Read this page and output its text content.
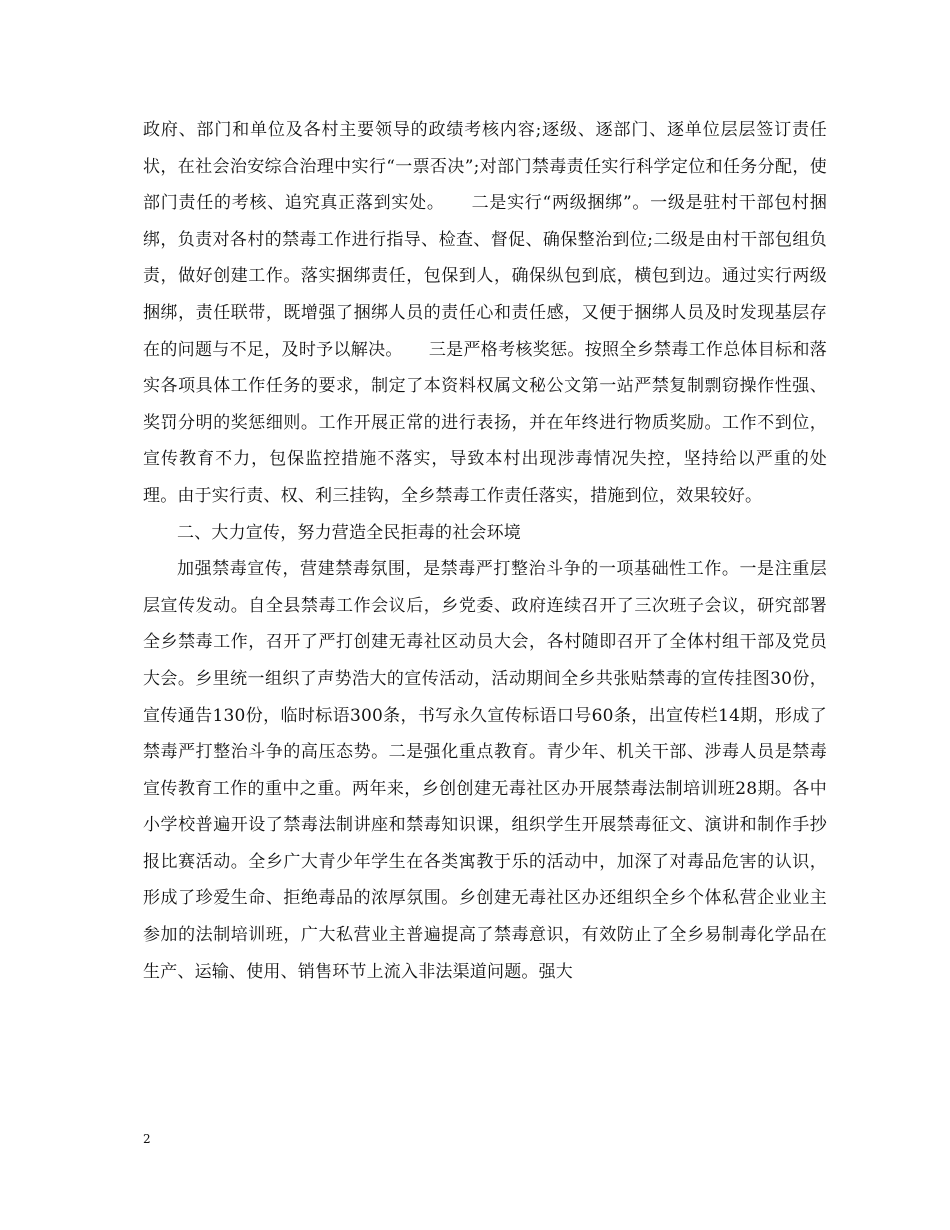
政府、部门和单位及各村主要领导的政绩考核内容;逐级、逐部门、逐单位层层签订责任状，在社会治安综合治理中实行“一票否决”;对部门禁毒责任实行科学定位和任务分配，使部门责任的考核、追究真正落到实处。　　二是实行“两级捆绑”。一级是驻村干部包村捆绑，负责对各村的禁毒工作进行指导、检查、督促、确保整治到位;二级是由村干部包组负责，做好创建工作。落实捆绑责任，包保到人，确保纵包到底，横包到边。通过实行两级捆绑，责任联带，既增强了捆绑人员的责任心和责任感，又便于捆绑人员及时发现基层存在的问题与不足，及时予以解决。　　三是严格考核奖惩。按照全乡禁毒工作总体目标和落实各项具体工作任务的要求，制定了本资料权属文秘公文第一站严禁复制剽窃操作性强、奖罚分明的奖惩细则。工作开展正常的进行表扬，并在年终进行物质奖励。工作不到位，宣传教育不力，包保监控措施不落实，导致本村出现涉毒情况失控，坚持给以严重的处理。由于实行责、权、利三挂钩，全乡禁毒工作责任落实，措施到位，效果较好。

二、大力宣传，努力营造全民拒毒的社会环境

加强禁毒宣传，营建禁毒氛围，是禁毒严打整治斗争的一项基础性工作。一是注重层层宣传发动。自全县禁毒工作会议后，乡党委、政府连续召开了三次班子会议，研究部署全乡禁毒工作，召开了严打创建无毒社区动员大会，各村随即召开了全体村组干部及党员大会。乡里统一组织了声势浩大的宣传活动，活动期间全乡共张贴禁毒的宣传挂图30份，宣传通告130份，临时标语300条，书写永久宣传标语口号60条，出宣传栏14期，形成了禁毒严打整治斗争的高压态势。二是强化重点教育。青少年、机关干部、涉毒人员是禁毒宣传教育工作的重中之重。两年来，乡创创建无毒社区办开展禁毒法制培训班28期。各中小学校普遍开设了禁毒法制讲座和禁毒知识课，组织学生开展禁毒征文、演讲和制作手抄报比赛活动。全乡广大青少年学生在各类寓教于乐的活动中，加深了对毒品危害的认识，形成了珍爱生命、拒绝毒品的浓厚氛围。乡创建无毒社区办还组织全乡个体私营企业业主参加的法制培训班，广大私营业主普遍提高了禁毒意识，有效防止了全乡易制毒化学品在生产、运输、使用、销售环节上流入非法渠道问题。强大

2
